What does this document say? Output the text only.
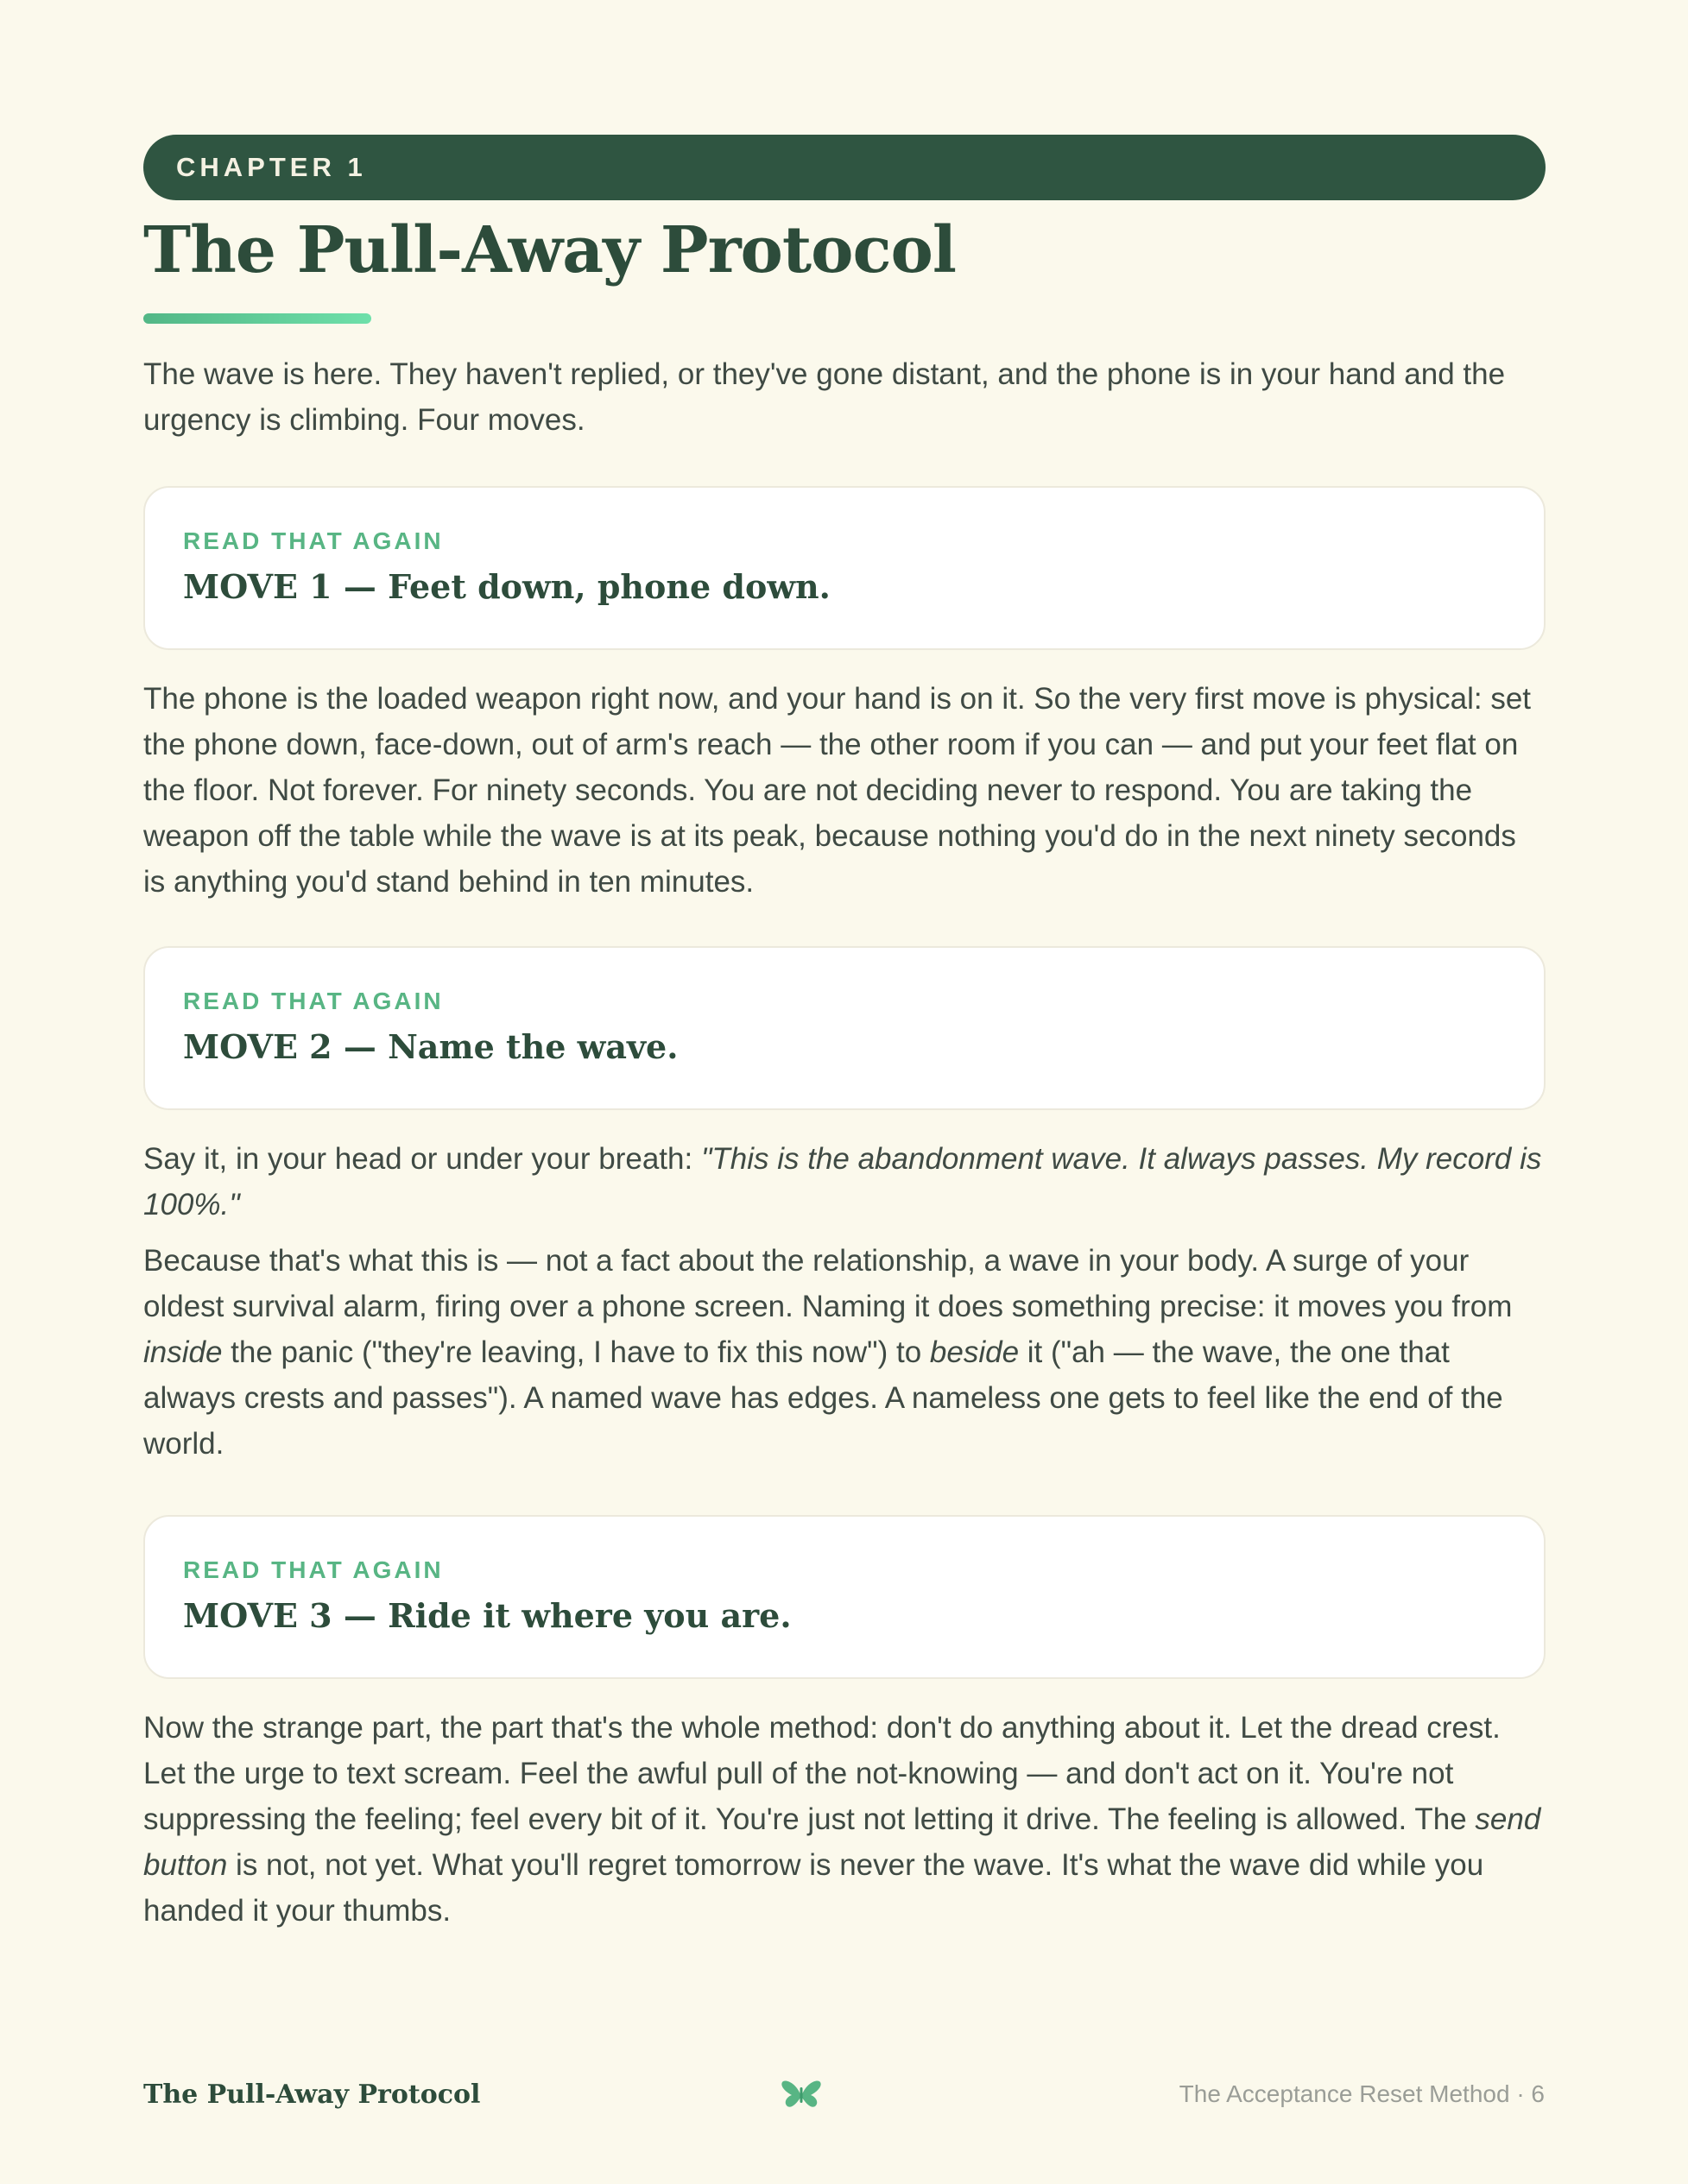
CHAPTER 1
The Pull-Away Protocol

The wave is here. They haven't replied, or they've gone distant, and the phone is in your hand and the urgency is climbing. Four moves.

READ THAT AGAIN
MOVE 1 — Feet down, phone down.

The phone is the loaded weapon right now, and your hand is on it. So the very first move is physical: set the phone down, face-down, out of arm's reach — the other room if you can — and put your feet flat on the floor. Not forever. For ninety seconds. You are not deciding never to respond. You are taking the weapon off the table while the wave is at its peak, because nothing you'd do in the next ninety seconds is anything you'd stand behind in ten minutes.

READ THAT AGAIN
MOVE 2 — Name the wave.

Say it, in your head or under your breath: "This is the abandonment wave. It always passes. My record is 100%."

Because that's what this is — not a fact about the relationship, a wave in your body. A surge of your oldest survival alarm, firing over a phone screen. Naming it does something precise: it moves you from inside the panic ("they're leaving, I have to fix this now") to beside it ("ah — the wave, the one that always crests and passes"). A named wave has edges. A nameless one gets to feel like the end of the world.

READ THAT AGAIN
MOVE 3 — Ride it where you are.

Now the strange part, the part that's the whole method: don't do anything about it. Let the dread crest. Let the urge to text scream. Feel the awful pull of the not-knowing — and don't act on it. You're not suppressing the feeling; feel every bit of it. You're just not letting it drive. The feeling is allowed. The send button is not, not yet. What you'll regret tomorrow is never the wave. It's what the wave did while you handed it your thumbs.

The Pull-Away Protocol	The Acceptance Reset Method · 6
